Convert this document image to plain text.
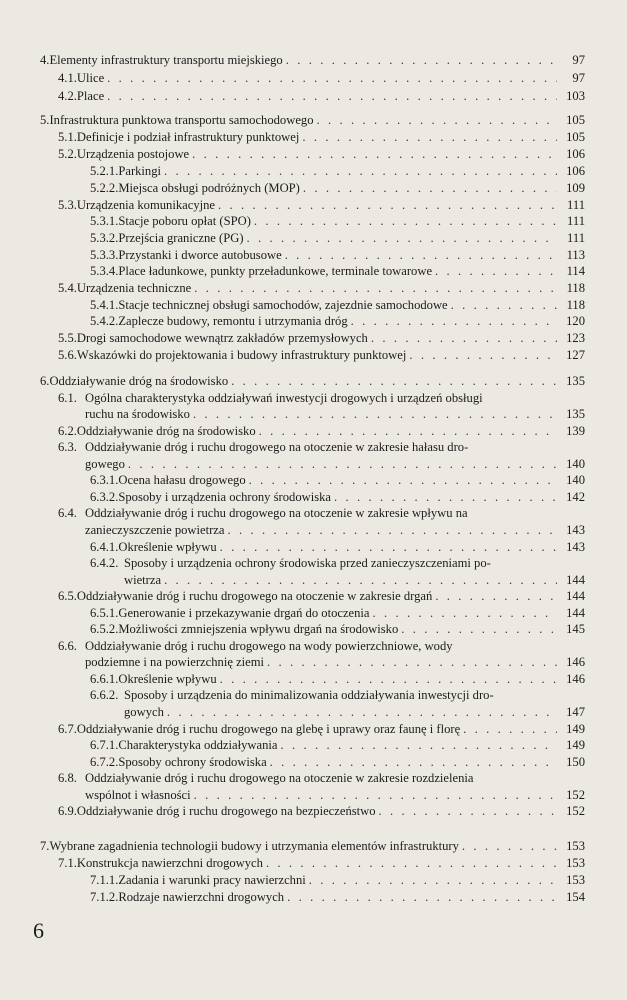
4. Elementy infrastruktury transportu miejskiego . . .	97
4.1. Ulice . . .	97
4.2. Place . . .	103
5. Infrastruktura punktowa transportu samochodowego . . .	105
5.1. Definicje i podział infrastruktury punktowej . . .	105
5.2. Urządzenia postojowe . . .	106
5.2.1. Parkingi . . .	106
5.2.2. Miejsca obsługi podróżnych (MOP) . . .	109
5.3. Urządzenia komunikacyjne . . .	111
5.3.1. Stacje poboru opłat (SPO) . . .	111
5.3.2. Przejścia graniczne (PG) . . .	111
5.3.3. Przystanki i dworce autobusowe . . .	113
5.3.4. Place ładunkowe, punkty przeładunkowe, terminale towarowe . . .	114
5.4. Urządzenia techniczne . . .	118
5.4.1. Stacje technicznej obsługi samochodów, zajezdnie samochodowe . . .	118
5.4.2. Zaplecze budowy, remontu i utrzymania dróg . . .	120
5.5. Drogi samochodowe wewnątrz zakładów przemysłowych . . .	123
5.6. Wskazówki do projektowania i budowy infrastruktury punktowej . . .	127
6. Oddziaływanie dróg na środowisko . . .	135
6.1. Ogólna charakterystyka oddziaływań inwestycji drogowych i urządzeń obsługi
ruchu na środowisko . . .	135
6.2. Oddziaływanie dróg na środowisko . . .	139
6.3. Oddziaływanie dróg i ruchu drogowego na otoczenie w zakresie hałasu dro-
gowego . . .	140
6.3.1. Ocena hałasu drogowego . . .	140
6.3.2. Sposoby i urządzenia ochrony środowiska . . .	142
6.4. Oddziaływanie dróg i ruchu drogowego na otoczenie w zakresie wpływu na
zanieczyszczenie powietrza . . .	143
6.4.1. Określenie wpływu . . .	143
6.4.2. Sposoby i urządzenia ochrony środowiska przed zanieczyszczeniami po-
wietrza . . .	144
6.5. Oddziaływanie dróg i ruchu drogowego na otoczenie w zakresie drgań . . .	144
6.5.1. Generowanie i przekazywanie drgań do otoczenia . . .	144
6.5.2. Możliwości zmniejszenia wpływu drgań na środowisko . . .	145
6.6. Oddziaływanie dróg i ruchu drogowego na wody powierzchniowe, wody
podziemne i na powierzchnię ziemi . . .	146
6.6.1. Określenie wpływu . . .	146
6.6.2. Sposoby i urządzenia do minimalizowania oddziaływania inwestycji dro-
gowych . . .	147
6.7. Oddziaływanie dróg i ruchu drogowego na glebę i uprawy oraz faunę i florę . . .	149
6.7.1. Charakterystyka oddziaływania . . .	149
6.7.2. Sposoby ochrony środowiska . . .	150
6.8. Oddziaływanie dróg i ruchu drogowego na otoczenie w zakresie rozdzielenia
wspólnot i własności . . .	152
6.9. Oddziaływanie dróg i ruchu drogowego na bezpieczeństwo . . .	152
7. Wybrane zagadnienia technologii budowy i utrzymania elementów infrastruktury . . .	153
7.1. Konstrukcja nawierzchni drogowych . . .	153
7.1.1. Zadania i warunki pracy nawierzchni . . .	153
7.1.2. Rodzaje nawierzchni drogowych . . .	154
6
